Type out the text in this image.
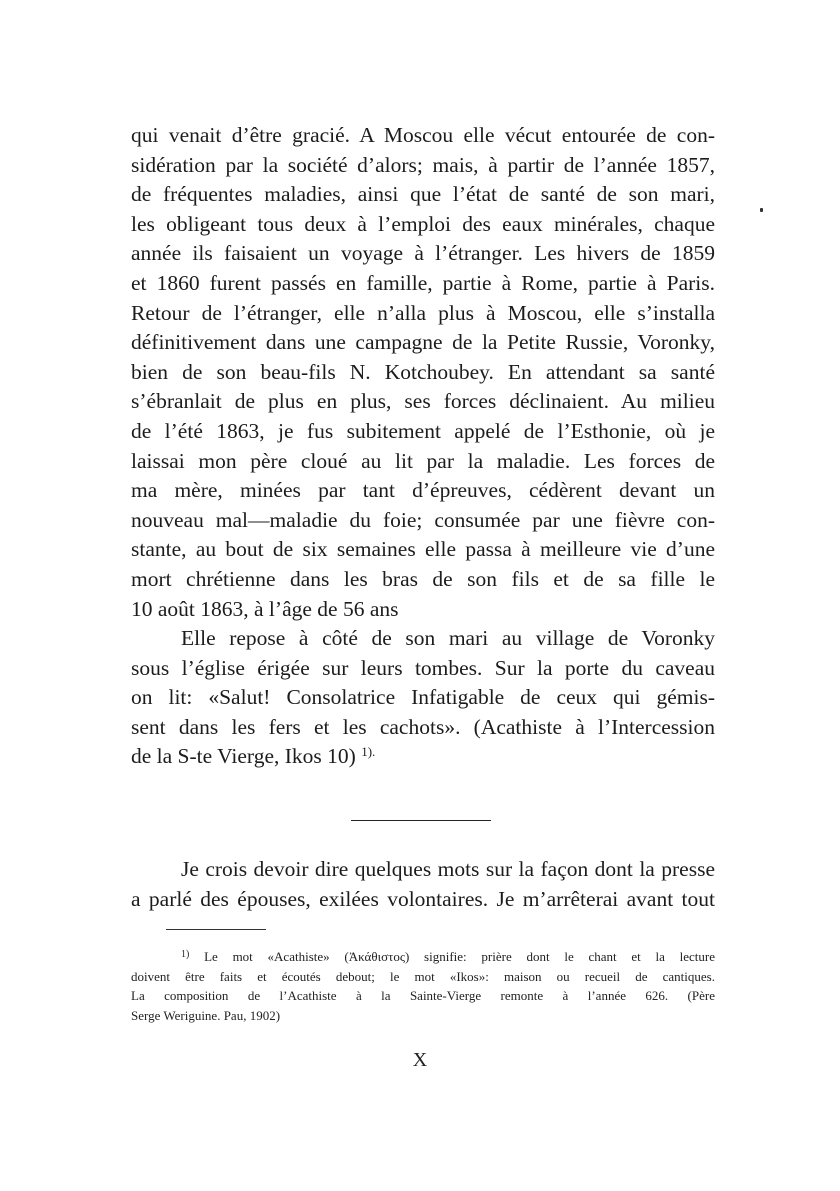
qui venait d’être gracié. A Moscou elle vécut entourée de con-
sidération par la société d’alors; mais, à partir de l’année 1857,
de fréquentes maladies, ainsi que l’état de santé de son mari,
les obligeant tous deux à l’emploi des eaux minérales, chaque
année ils faisaient un voyage à l’étranger. Les hivers de 1859
et 1860 furent passés en famille, partie à Rome, partie à Paris.
Retour de l’étranger, elle n’alla plus à Moscou, elle s’installa
définitivement dans une campagne de la Petite Russie, Voronky,
bien de son beau-fils N. Kotchoubey. En attendant sa santé
s’ébranlait de plus en plus, ses forces déclinaient. Au milieu
de l’été 1863, je fus subitement appelé de l’Esthonie, où je
laissai mon père cloué au lit par la maladie. Les forces de
ma mère, minées par tant d’épreuves, cédèrent devant un
nouveau mal—maladie du foie; consumée par une fièvre con-
stante, au bout de six semaines elle passa à meilleure vie d’une
mort chrétienne dans les bras de son fils et de sa fille le
10 août 1863, à l’âge de 56 ans
Elle repose à côté de son mari au village de Voronky
sous l’église érigée sur leurs tombes. Sur la porte du caveau
on lit: «Salut! Consolatrice Infatigable de ceux qui gémis-
sent dans les fers et les cachots». (Acathiste à l’Intercession
de la S-te Vierge, Ikos 10) $^{1).}$
Je crois devoir dire quelques mots sur la façon dont la presse
a parlé des épouses, exilées volontaires. Je m’arrêterai avant tout
$^{1)}$ Le mot «Acathiste» (Ἀκάθιστος) signifie: prière dont le chant et la lecture
doivent être faits et écoutés debout; le mot «Ikos»: maison ou recueil de cantiques.
La composition de l’Acathiste à la Sainte-Vierge remonte à l’année 626. (Père
Serge Weriguine. Pau, 1902)
X
